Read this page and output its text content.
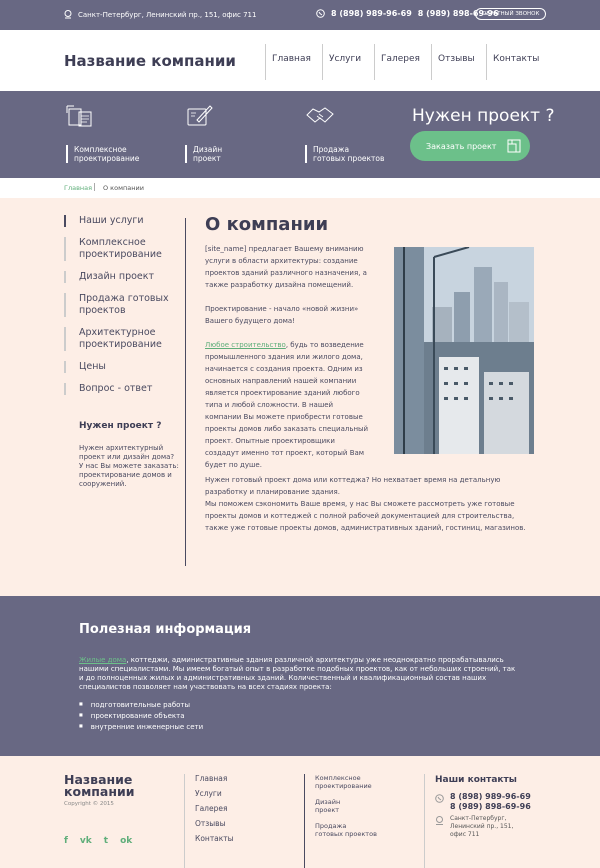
Санкт-Петербург, Ленинский пр., 151, офис 711	8 (898) 989-96-69 8 (989) 898-69-96
ОБРАТНЫЙ ЗВОНОК
Название компании	Главная	Услуги	Галерея	Отзывы	Контакты
Комплексное
проектирование
Дизайн
проект
Продажа
готовых проектов
Нужен проект ?
Заказать проект
Главная О компании
Наши услуги
Комплексное проектирование
Дизайн проект
Продажа готовых проектов
Архитектурное проектирование
Цены
Вопрос - ответ
Нужен проект ?
Нужен архитектурный проект или дизайн дома? У нас Вы можете заказать: проектирование домов и сооружений.
О компании
[site_name] предлагает Вашему вниманию услуги в области архитектуры: создание проектов зданий различного назначения, а также разработку дизайна помещений.
Проектирование - начало «новой жизни» Вашего будущего дома!
Любое строительство, будь то возведение промышленного здания или жилого дома, начинается с создания проекта. Одним из основных направлений нашей компании является проектирование зданий любого типа и любой сложности. В нашей компании Вы можете приобрести готовые проекты домов либо заказать специальный проект. Опытные проектировщики создадут именно тот проект, который Вам будет по душе.
Нужен готовый проект дома или коттеджа? Но нехватает время на детальную разработку и планирование здания.
Мы поможем сэкономить Ваше время, у нас Вы сможете рассмотреть уже готовые проекты домов и коттеджей с полной рабочей документацией для строительства, также уже готовые проекты домов, административных зданий, гостиниц, магазинов.
Полезная информация
Жилые дома, коттеджи, административные здания различной архитектуры уже неоднократно прорабатывались нашими специалистами. Мы имеем богатый опыт в разработке подобных проектов, как от небольших строений, так и до полноценных жилых и административных зданий. Количественный и квалификационный состав наших специалистов позволяет нам участвовать на всех стадиях проекта:
■ подготовительные работы
■ проектирование объекта
■ внутренние инженерные сети
Название
компании
Copyright © 2015
f vk t ok
Главная
Услуги
Галерея
Отзывы
Контакты
Комплексное
проектирование
Дизайн
проект
Продажа
готовых проектов
Наши контакты
8 (898) 989-96-69
8 (989) 898-69-96
Санкт-Петербург,
Ленинский пр., 151,
офис 711
